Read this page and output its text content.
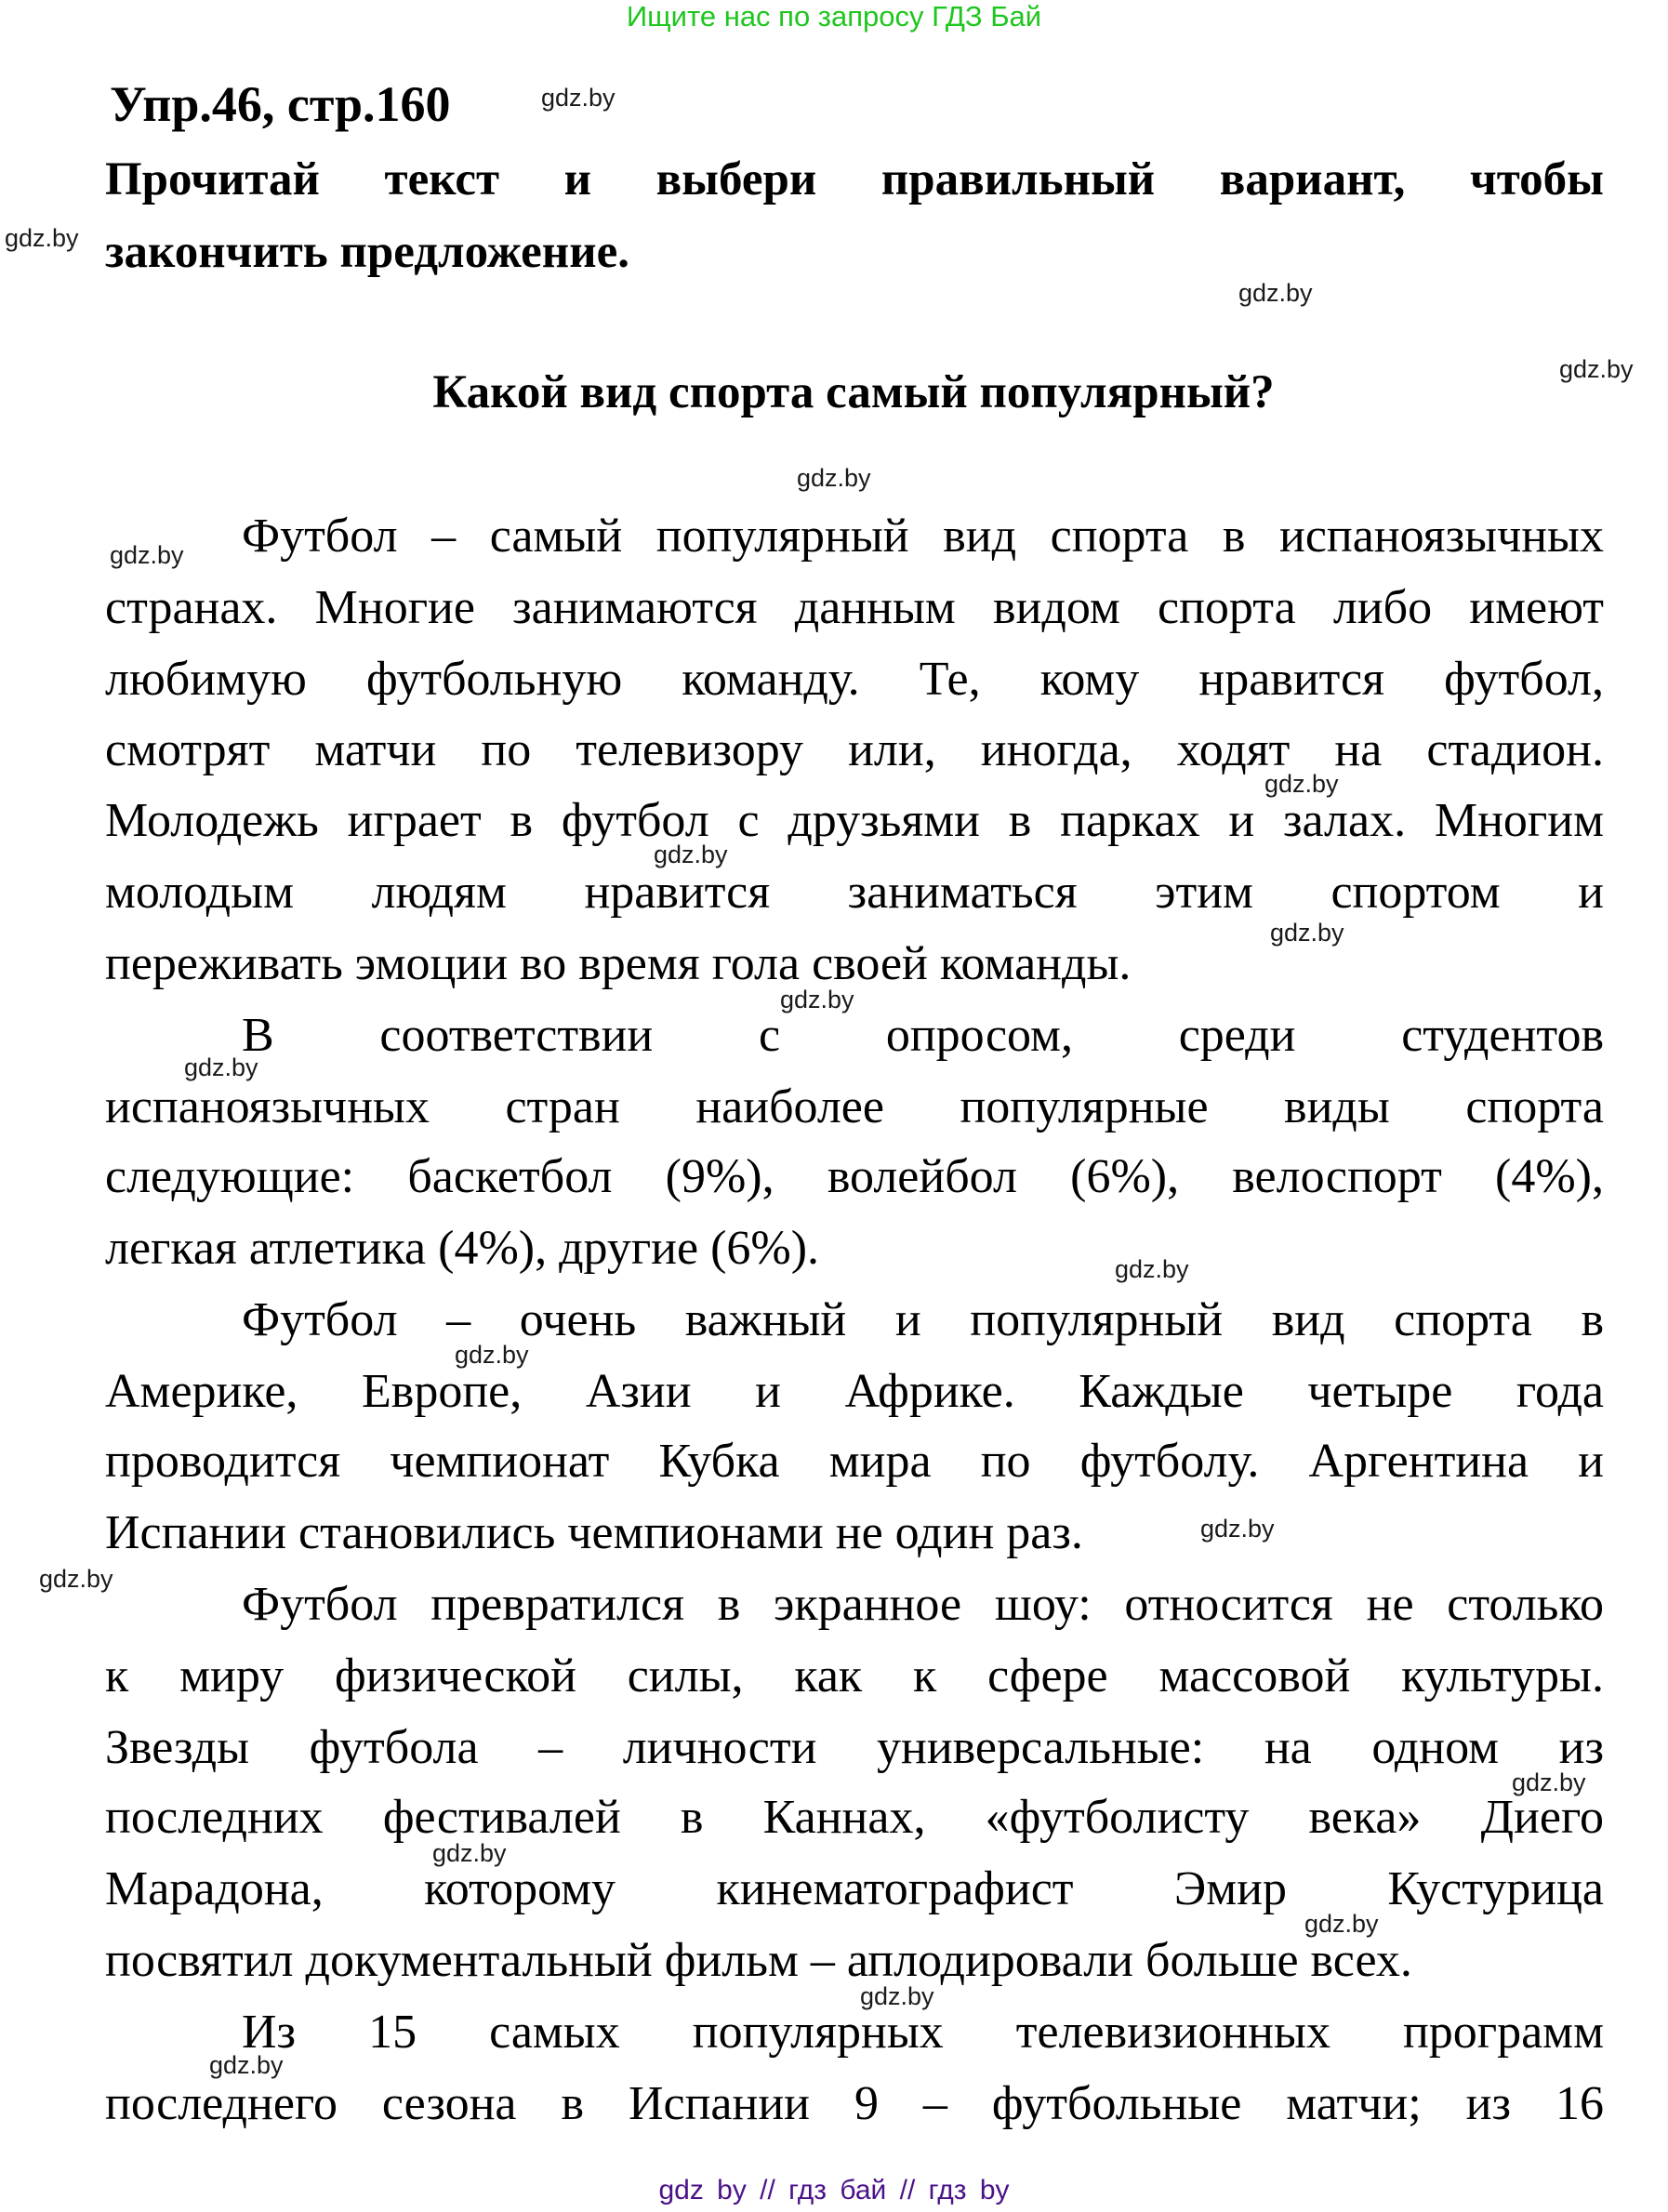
Ищите нас по запросу ГДЗ Бай
Упр.46, стр.160
Прочитай текст и выбери правильный вариант, чтобы
закончить предложение.
Какой вид спорта самый популярный?
Футбол – самый популярный вид спорта в испаноязычных
странах. Многие занимаются данным видом спорта либо имеют
любимую футбольную команду. Те, кому нравится футбол,
смотрят матчи по телевизору или, иногда, ходят на стадион.
Молодежь играет в футбол с друзьями в парках и залах. Многим
молодым людям нравится заниматься этим спортом и
переживать эмоции во время гола своей команды.
В соответствии с опросом, среди студентов
испаноязычных стран наиболее популярные виды спорта
следующие: баскетбол (9%), волейбол (6%), велоспорт (4%),
легкая атлетика (4%), другие (6%).
Футбол – очень важный и популярный вид спорта в
Америке, Европе, Азии и Африке. Каждые четыре года
проводится чемпионат Кубка мира по футболу. Аргентина и
Испании становились чемпионами не один раз.
Футбол превратился в экранное шоу: относится не столько
к миру физической силы, как к сфере массовой культуры.
Звезды футбола – личности универсальные: на одном из
последних фестивалей в Каннах, «футболисту века» Диего
Марадона, которому кинематографист Эмир Кустурица
посвятил документальный фильм – аплодировали больше всех.
Из 15 самых популярных телевизионных программ
последнего сезона в Испании 9 – футбольные матчи; из 16
gdz.by
gdz.by
gdz.by
gdz.by
gdz.by
gdz.by
gdz.by
gdz.by
gdz.by
gdz.by
gdz.by
gdz.by
gdz.by
gdz.by
gdz.by
gdz.by
gdz.by
gdz.by
gdz.by
gdz.by
gdz by // гдз бай // гдз by
